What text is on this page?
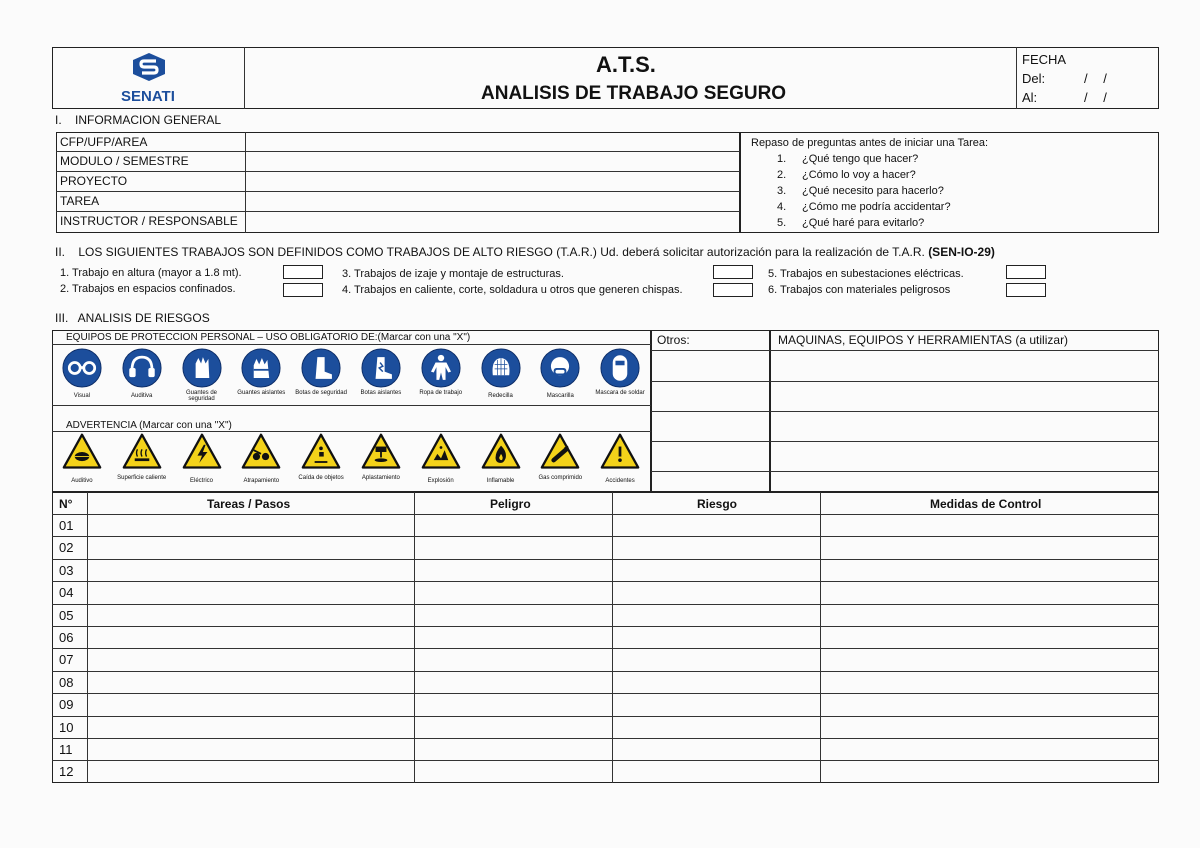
SENATI
A.T.S.
ANALISIS DE TRABAJO SEGURO
FECHA
Del:	/ /
Al:	/ /
I.    INFORMACION GENERAL
CFP/UFP/AREA
MODULO / SEMESTRE
PROYECTO
TAREA
INSTRUCTOR / RESPONSABLE
Repaso de preguntas antes de iniciar una Tarea:
1. ¿Qué tengo que hacer?
2. ¿Cómo lo voy a hacer?
3. ¿Qué necesito para hacerlo?
4. ¿Cómo me podría accidentar?
5. ¿Qué haré para evitarlo?
II.    LOS SIGUIENTES TRABAJOS SON DEFINIDOS COMO TRABAJOS DE ALTO RIESGO (T.A.R.) Ud. deberá solicitar autorización para la realización de T.A.R. (SEN-IO-29)
1. Trabajo en altura (mayor a 1.8 mt).
2. Trabajos en espacios confinados.
3. Trabajos de izaje y montaje de estructuras.
4. Trabajos en caliente, corte, soldadura u otros que generen chispas.
5. Trabajos en subestaciones eléctricas.
6. Trabajos con materiales peligrosos
III.   ANALISIS DE RIESGOS
EQUIPOS DE PROTECCION PERSONAL – USO OBLIGATORIO DE:(Marcar con una "X")
ADVERTENCIA (Marcar con una "X")
Visual	Auditiva	Guantes de seguridad
Guantes aislantes	Botas de seguridad	Botas aislantes	Ropa de trabajo	Redecilla	Mascarilla	Mascara de soldar
Auditivo	Superficie caliente	Eléctrico	Atrapamiento	Caída de objetos	Aplastamiento	Explosión	Inflamable	Gas comprimido	Accidentes
Otros:	MAQUINAS, EQUIPOS Y HERRAMIENTAS (a utilizar)
N°	Tareas / Pasos	Peligro	Riesgo	Medidas de Control
01
02
03
04
05
06
07
08
09
10
11
12
